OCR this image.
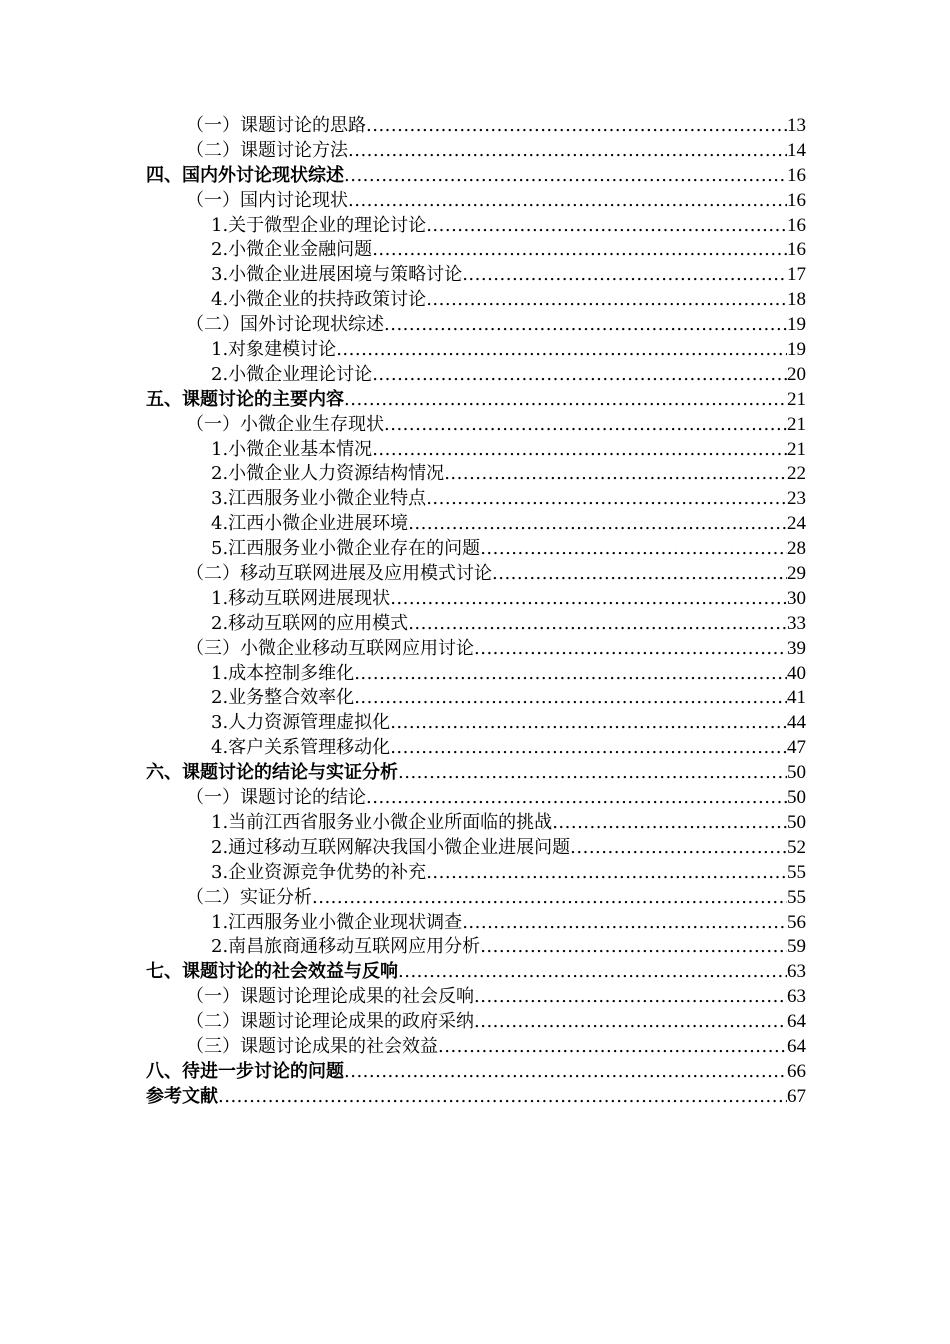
（一）课题讨论的思路 .....	13
（二）课题讨论方法 .....	14
四、国内外讨论现状综述 .....	16
（一）国内讨论现状 .....	16
1.关于微型企业的理论讨论 .....	16
2.小微企业金融问题 .....	16
3.小微企业进展困境与策略讨论 .....	17
4.小微企业的扶持政策讨论 .....	18
（二）国外讨论现状综述 .....	19
1.对象建模讨论 .....	19
2.小微企业理论讨论 .....	20
五、课题讨论的主要内容 .....	21
（一）小微企业生存现状 .....	21
1.小微企业基本情况 .....	21
2.小微企业人力资源结构情况 .....	22
3.江西服务业小微企业特点 .....	23
4.江西小微企业进展环境 .....	24
5.江西服务业小微企业存在的问题 .....	28
（二）移动互联网进展及应用模式讨论 .....	29
1.移动互联网进展现状 .....	30
2.移动互联网的应用模式 .....	33
（三）小微企业移动互联网应用讨论 .....	39
1.成本控制多维化 .....	40
2.业务整合效率化 .....	41
3.人力资源管理虚拟化 .....	44
4.客户关系管理移动化 .....	47
六、课题讨论的结论与实证分析 .....	50
（一）课题讨论的结论 .....	50
1.当前江西省服务业小微企业所面临的挑战 .....	50
2.通过移动互联网解决我国小微企业进展问题 .....	52
3.企业资源竞争优势的补充 .....	55
（二）实证分析 .....	55
1.江西服务业小微企业现状调查 .....	56
2.南昌旅商通移动互联网应用分析 .....	59
七、课题讨论的社会效益与反响 .....	63
（一）课题讨论理论成果的社会反响 .....	63
（二）课题讨论理论成果的政府采纳 .....	64
（三）课题讨论成果的社会效益 .....	64
八、待进一步讨论的问题 .....	66
参考文献 .....	67
